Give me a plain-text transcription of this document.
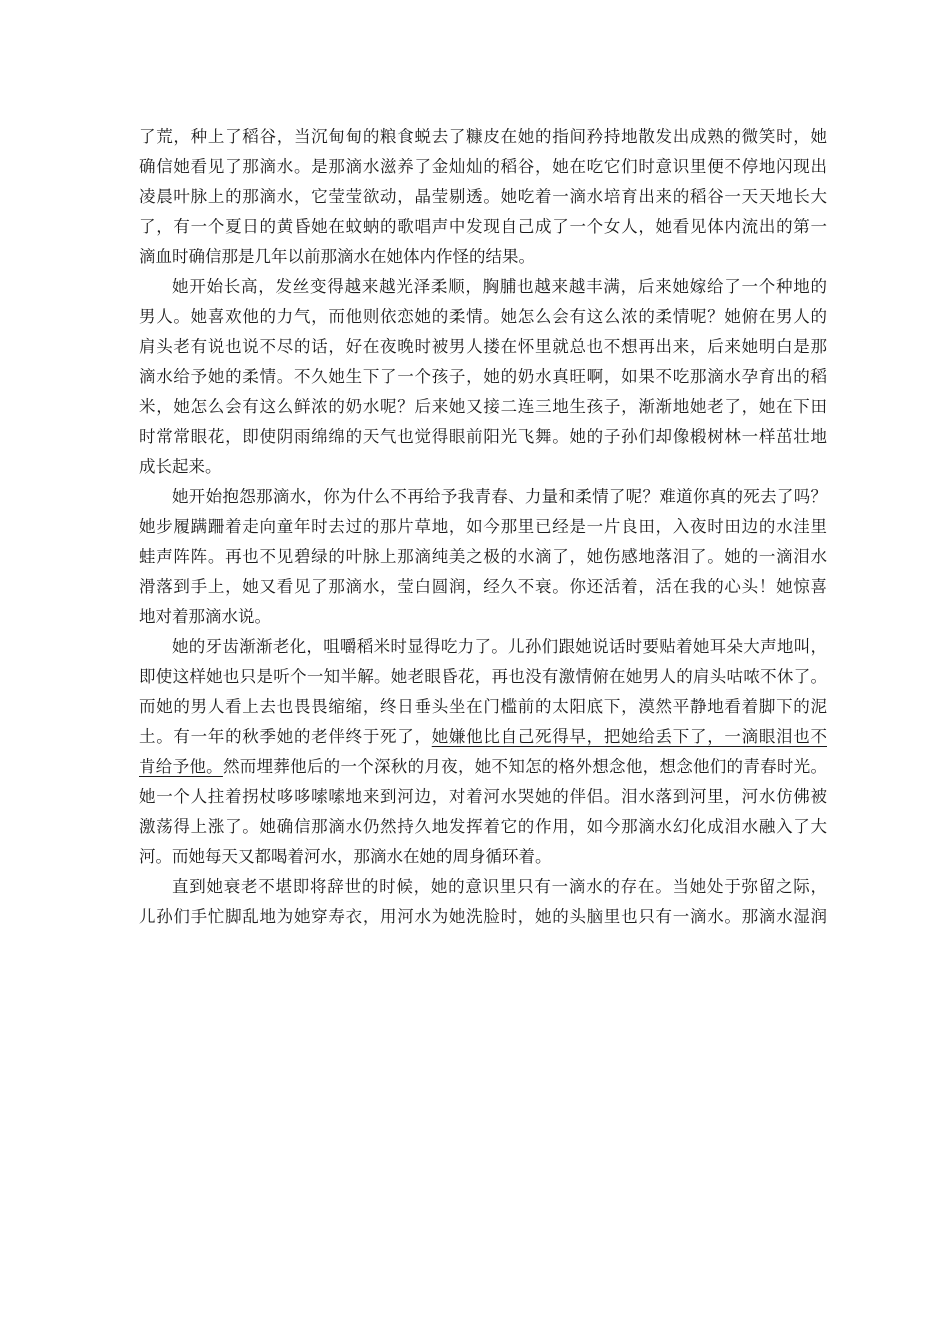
了荒，种上了稻谷，当沉甸甸的粮食蜕去了糠皮在她的指间矜持地散发出成熟的微笑时，她
确信她看见了那滴水。是那滴水滋养了金灿灿的稻谷，她在吃它们时意识里便不停地闪现出
凌晨叶脉上的那滴水，它莹莹欲动，晶莹剔透。她吃着一滴水培育出来的稻谷一天天地长大
了，有一个夏日的黄昏她在蚊蚋的歌唱声中发现自己成了一个女人，她看见体内流出的第一
滴血时确信那是几年以前那滴水在她体内作怪的结果。
她开始长高，发丝变得越来越光泽柔顺，胸脯也越来越丰满，后来她嫁给了一个种地的
男人。她喜欢他的力气，而他则依恋她的柔情。她怎么会有这么浓的柔情呢？她俯在男人的
肩头老有说也说不尽的话，好在夜晚时被男人搂在怀里就总也不想再出来，后来她明白是那
滴水给予她的柔情。不久她生下了一个孩子，她的奶水真旺啊，如果不吃那滴水孕育出的稻
米，她怎么会有这么鲜浓的奶水呢？后来她又接二连三地生孩子，渐渐地她老了，她在下田
时常常眼花，即使阴雨绵绵的天气也觉得眼前阳光飞舞。她的子孙们却像椴树林一样茁壮地
成长起来。
她开始抱怨那滴水，你为什么不再给予我青春、力量和柔情了呢？难道你真的死去了吗？
她步履蹒跚着走向童年时去过的那片草地，如今那里已经是一片良田，入夜时田边的水洼里
蛙声阵阵。再也不见碧绿的叶脉上那滴纯美之极的水滴了，她伤感地落泪了。她的一滴泪水
滑落到手上，她又看见了那滴水，莹白圆润，经久不衰。你还活着，活在我的心头！她惊喜
地对着那滴水说。
她的牙齿渐渐老化，咀嚼稻米时显得吃力了。儿孙们跟她说话时要贴着她耳朵大声地叫，
即使这样她也只是听个一知半解。她老眼昏花，再也没有激情俯在她男人的肩头咕哝不休了。
而她的男人看上去也畏畏缩缩，终日垂头坐在门槛前的太阳底下，漠然平静地看着脚下的泥
土。有一年的秋季她的老伴终于死了，她嫌他比自己死得早，把她给丢下了，一滴眼泪也不
肯给予他。然而埋葬他后的一个深秋的月夜，她不知怎的格外想念他，想念他们的青春时光。
她一个人拄着拐杖哆哆嗦嗦地来到河边，对着河水哭她的伴侣。泪水落到河里，河水仿佛被
激荡得上涨了。她确信那滴水仍然持久地发挥着它的作用，如今那滴水幻化成泪水融入了大
河。而她每天又都喝着河水，那滴水在她的周身循环着。
直到她衰老不堪即将辞世的时候，她的意识里只有一滴水的存在。当她处于弥留之际，
儿孙们手忙脚乱地为她穿寿衣，用河水为她洗脸时，她的头脑里也只有一滴水。那滴水湿润
